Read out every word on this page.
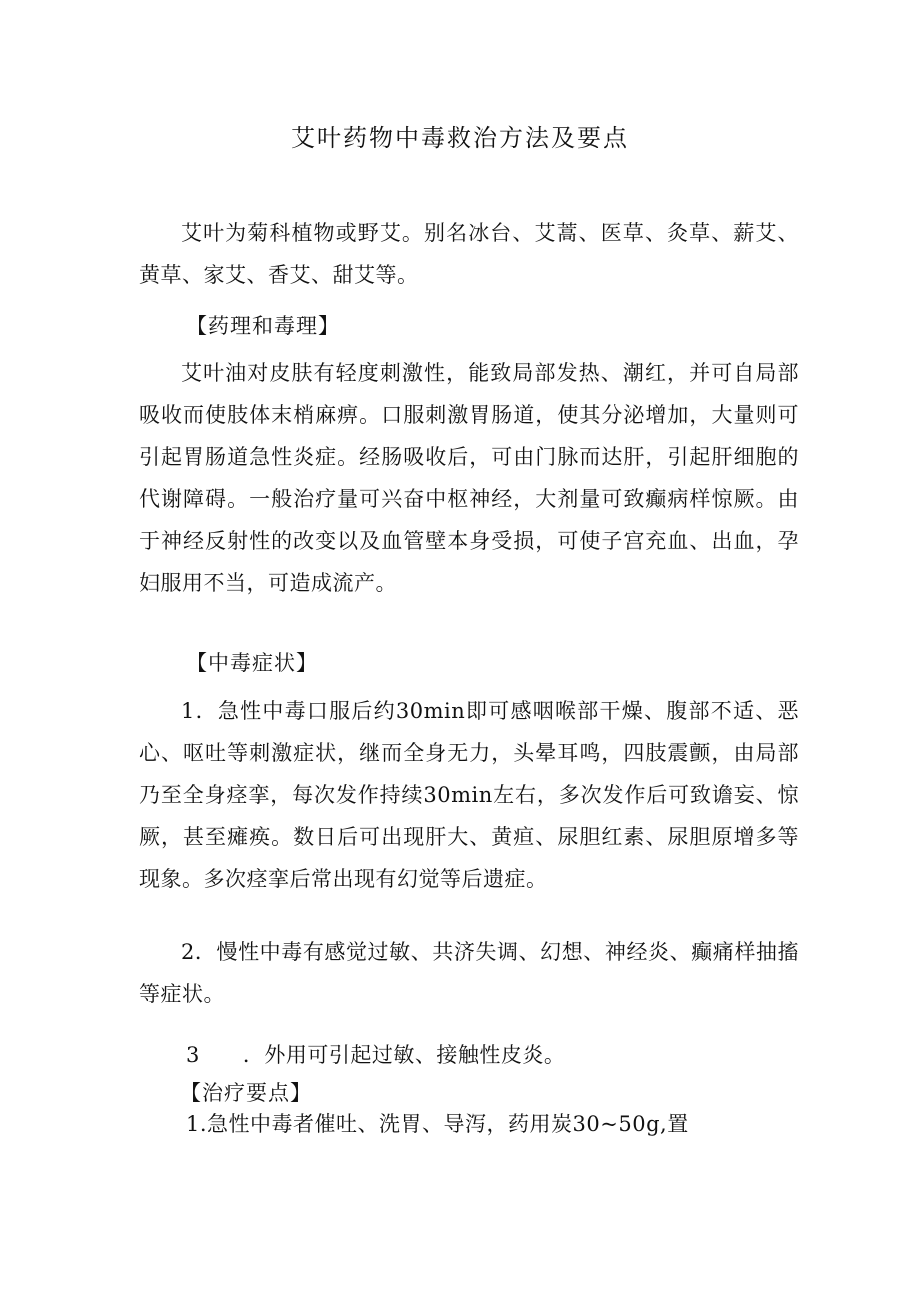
艾叶药物中毒救治方法及要点
艾叶为菊科植物或野艾。别名冰台、艾蒿、医草、灸草、薪艾、黄草、家艾、香艾、甜艾等。
【药理和毒理】
艾叶油对皮肤有轻度刺激性，能致局部发热、潮红，并可自局部吸收而使肢体末梢麻痹。口服刺激胃肠道，使其分泌增加，大量则可引起胃肠道急性炎症。经肠吸收后，可由门脉而达肝，引起肝细胞的代谢障碍。一般治疗量可兴奋中枢神经，大剂量可致癫病样惊厥。由于神经反射性的改变以及血管壁本身受损，可使子宫充血、出血，孕妇服用不当，可造成流产。
【中毒症状】
1．急性中毒口服后约30min即可感咽喉部干燥、腹部不适、恶心、呕吐等刺激症状，继而全身无力，头晕耳鸣，四肢震颤，由局部乃至全身痉挛，每次发作持续30min左右，多次发作后可致谵妄、惊厥，甚至瘫痪。数日后可出现肝大、黄疸、尿胆红素、尿胆原增多等现象。多次痉挛后常出现有幻觉等后遗症。
2．慢性中毒有感觉过敏、共济失调、幻想、神经炎、癫痛样抽搐等症状。
3      ．外用可引起过敏、接触性皮炎。
【治疗要点】
1.急性中毒者催吐、洗胃、导泻，药用炭30~50g,置
